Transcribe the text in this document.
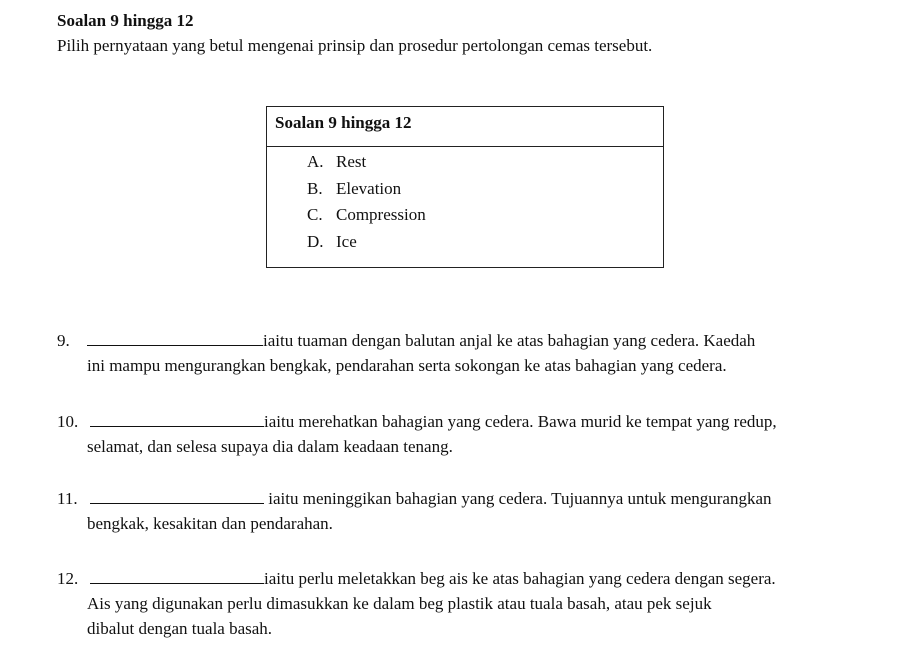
Soalan 9 hingga 12
Pilih pernyataan yang betul mengenai prinsip dan prosedur pertolongan cemas tersebut.
Soalan 9 hingga 12
A. Rest
B. Elevation
C. Compression
D. Ice
9.	iaitu tuaman dengan balutan anjal ke atas bahagian yang cedera. Kaedah
ini mampu mengurangkan bengkak, pendarahan serta sokongan ke atas bahagian yang cedera.
10.	iaitu merehatkan bahagian yang cedera. Bawa murid ke tempat yang redup,
selamat, dan selesa supaya dia dalam keadaan tenang.
11.	iaitu meninggikan bahagian yang cedera. Tujuannya untuk mengurangkan
bengkak, kesakitan dan pendarahan.
12.	iaitu perlu meletakkan beg ais ke atas bahagian yang cedera dengan segera.
Ais yang digunakan perlu dimasukkan ke dalam beg plastik atau tuala basah, atau pek sejuk
dibalut dengan tuala basah.
